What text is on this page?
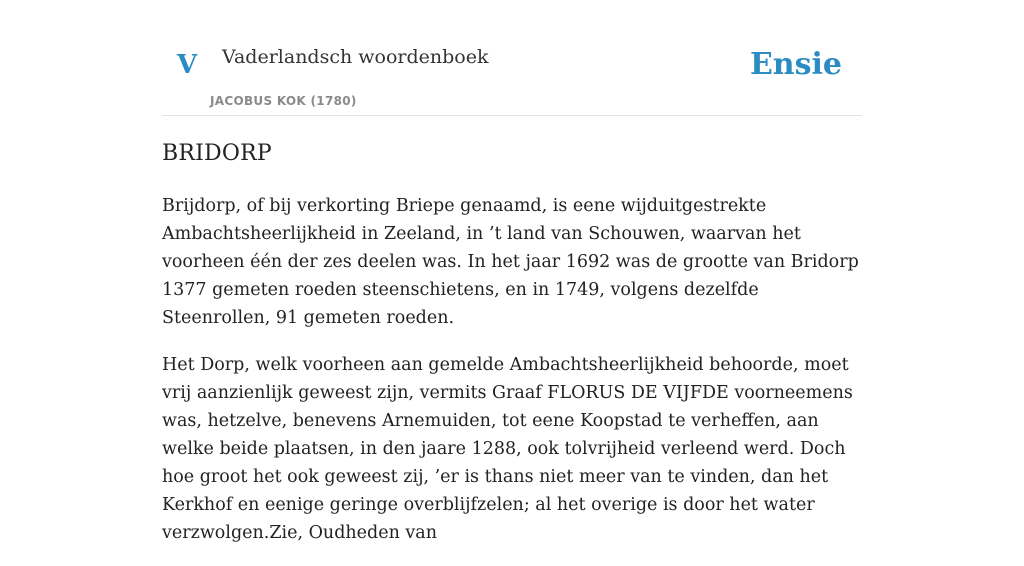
V Vaderlandsch woordenboek
JACOBUS KOK (1780)
Ensie
BRIDORP

Brijdorp, of bij verkorting Briepe genaamd, is eene wijduitgestrekte Ambachtsheerlijkheid in Zeeland, in ’t land van Schouwen, waarvan het voorheen één der zes deelen was. In het jaar 1692 was de grootte van Bridorp 1377 gemeten roeden steenschietens, en in 1749, volgens dezelfde Steenrollen, 91 gemeten roeden.

Het Dorp, welk voorheen aan gemelde Ambachtsheerlijkheid behoorde, moet vrij aanzienlijk geweest zijn, vermits Graaf FLORUS DE VIJFDE voorneemens was, hetzelve, benevens Arnemuiden, tot eene Koopstad te verheffen, aan welke beide plaatsen, in den jaare 1288, ook tolvrijheid verleend werd. Doch hoe groot het ook geweest zij, ’er is thans niet meer van te vinden, dan het Kerkhof en eenige geringe overblijfzelen; al het overige is door het water verzwolgen.Zie, Oudheden van
